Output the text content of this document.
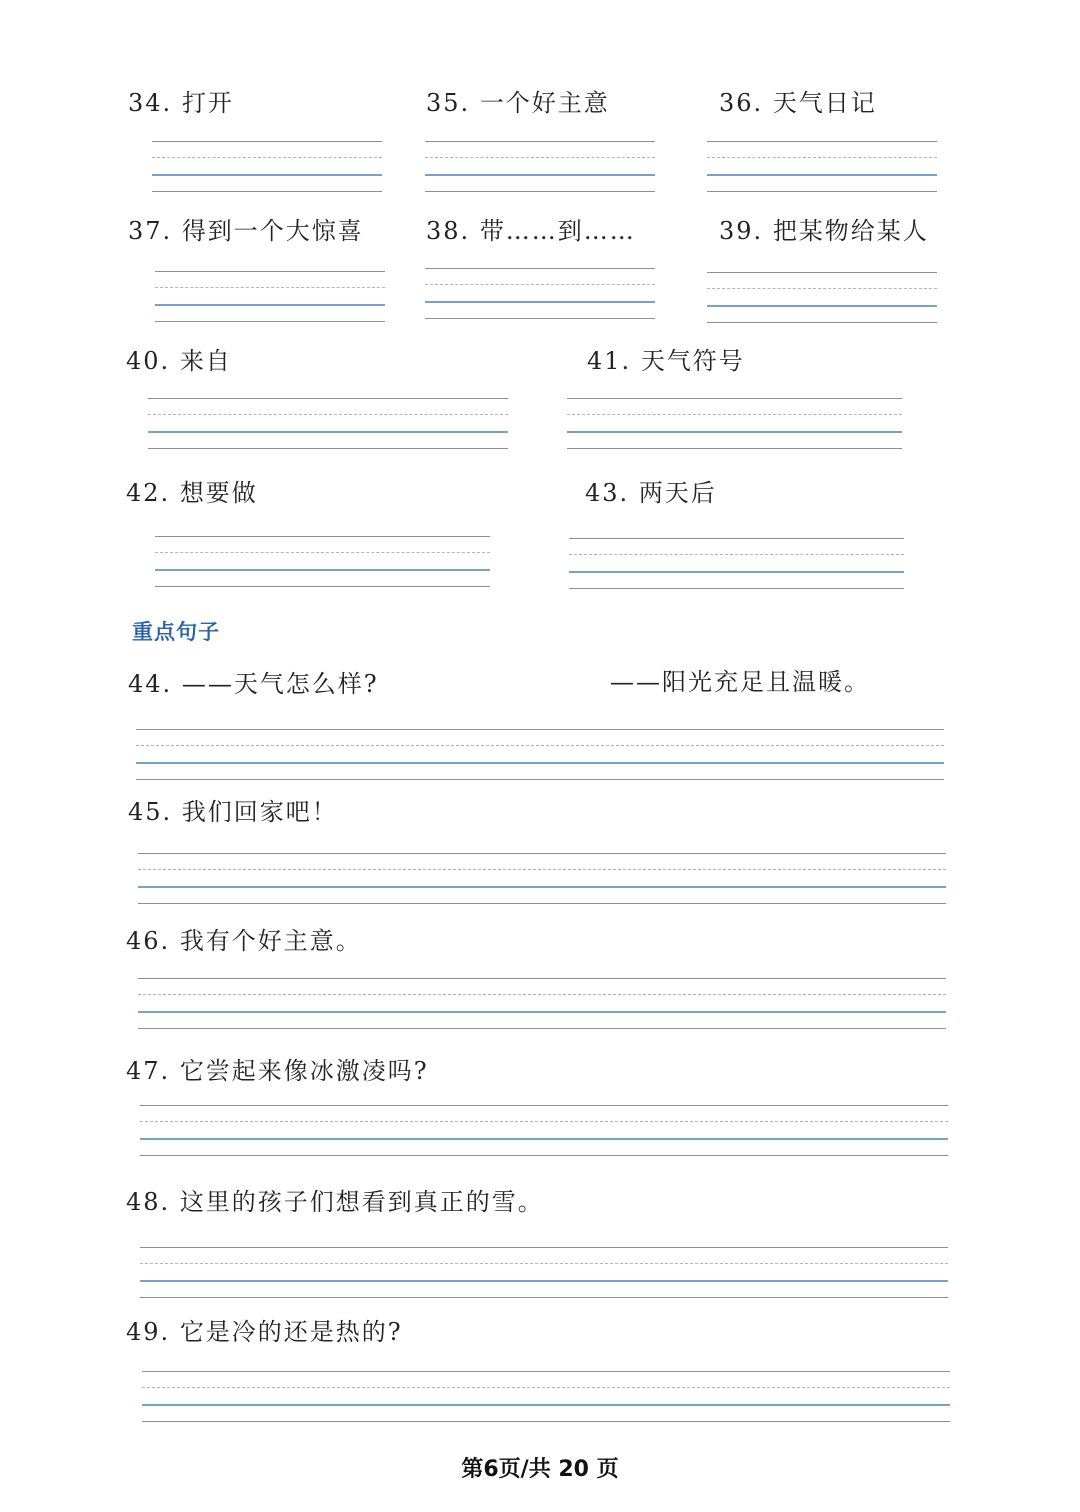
34. 打开	35. 一个好主意	36. 天气日记
37. 得到一个大惊喜	38. 带……到……	39. 把某物给某人
40. 来自	41. 天气符号
42. 想要做	43. 两天后
重点句子
44. ——天气怎么样?	——阳光充足且温暖。
45. 我们回家吧！
46. 我有个好主意。
47. 它尝起来像冰激凌吗?
48. 这里的孩子们想看到真正的雪。
49. 它是冷的还是热的?
第6页/共 20 页
